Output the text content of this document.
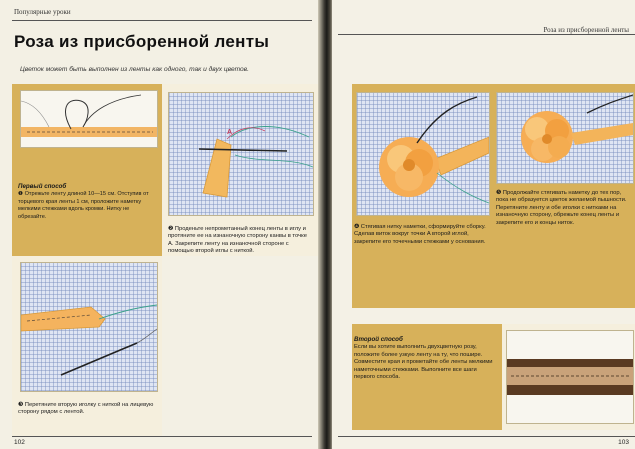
Популярные уроки
Роза из присборенной ленты
Цветок может быть выполнен из ленты как одного, так и двух цветов.
Первый способ
❶ Отрежьте ленту длиной 10—15 см. Отступив от торцевого края ленты 1 см, проложите наметку мелкими стежками вдоль кромки. Нитку не обрезайте.
A
❷ Проденьте непрометанный конец ленты в иглу и протяните ее на изнаночную сторону канвы в точке A. Закрепите ленту на изнаночной стороне с помощью второй иглы с ниткой.
❸ Перетяните вторую иголку с ниткой на лицевую сторону рядом с лентой.
102
Роза из присборенной ленты
❹ Стягивая нитку наметки, сформируйте сборку. Сделав виток вокруг точки A второй иглой, закрепите его точечными стежками у основания.
❺ Продолжайте стягивать наметку до тех пор, пока не образуется цветок желаемой пышности. Перетяните ленту и обе иголки с нитками на изнаночную сторону, обрежьте конец ленты и закрепите его и концы ниток.
Второй способ
Если вы хотите выполнить двухцветную розу, положите более узкую ленту на ту, что пошире. Совместите края и прометайте обе ленты мелкими наметочными стежками. Выполните все шаги первого способа.
103
